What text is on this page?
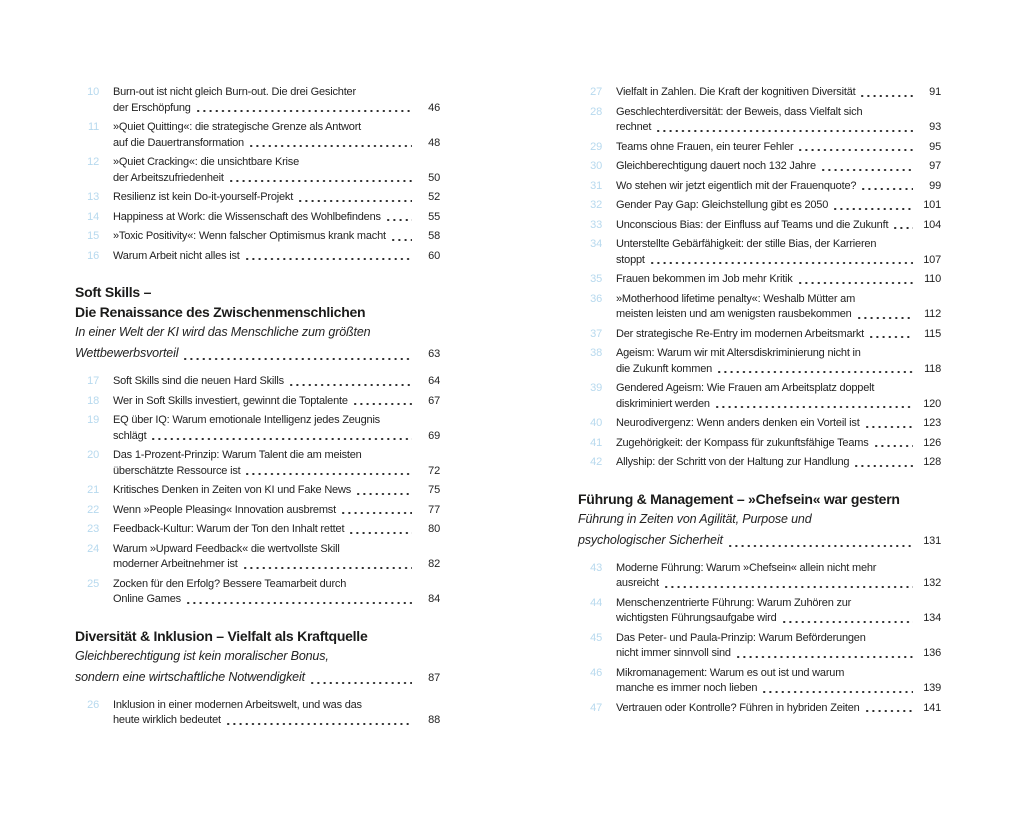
10 Burn-out ist nicht gleich Burn-out. Die drei Gesichter
der Erschöpfung	46
11 »Quiet Quitting«: die strategische Grenze als Antwort
auf die Dauertransformation	48
12 »Quiet Cracking«: die unsichtbare Krise
der Arbeitszufriedenheit	50
13 Resilienz ist kein Do-it-yourself-Projekt	52
14 Happiness at Work: die Wissenschaft des Wohlbefindens	55
15 »Toxic Positivity«: Wenn falscher Optimismus krank macht	58
16 Warum Arbeit nicht alles ist	60
Soft Skills –
Die Renaissance des Zwischenmenschlichen
In einer Welt der KI wird das Menschliche zum größten
Wettbewerbsvorteil	63
17 Soft Skills sind die neuen Hard Skills	64
18 Wer in Soft Skills investiert, gewinnt die Toptalente	67
19 EQ über IQ: Warum emotionale Intelligenz jedes Zeugnis
schlägt	69
20 Das 1-Prozent-Prinzip: Warum Talent die am meisten
überschätzte Ressource ist	72
21 Kritisches Denken in Zeiten von KI und Fake News	75
22 Wenn »People Pleasing« Innovation ausbremst	77
23 Feedback-Kultur: Warum der Ton den Inhalt rettet	80
24 Warum »Upward Feedback« die wertvollste Skill
moderner Arbeitnehmer ist	82
25 Zocken für den Erfolg? Bessere Teamarbeit durch
Online Games	84
Diversität & Inklusion – Vielfalt als Kraftquelle
Gleichberechtigung ist kein moralischer Bonus,
sondern eine wirtschaftliche Notwendigkeit	87
26 Inklusion in einer modernen Arbeitswelt, und was das
heute wirklich bedeutet	88
27 Vielfalt in Zahlen. Die Kraft der kognitiven Diversität	91
28 Geschlechterdiversität: der Beweis, dass Vielfalt sich
rechnet	93
29 Teams ohne Frauen, ein teurer Fehler	95
30 Gleichberechtigung dauert noch 132 Jahre	97
31 Wo stehen wir jetzt eigentlich mit der Frauenquote?	99
32 Gender Pay Gap: Gleichstellung gibt es 2050	101
33 Unconscious Bias: der Einfluss auf Teams und die Zukunft	104
34 Unterstellte Gebärfähigkeit: der stille Bias, der Karrieren
stoppt	107
35 Frauen bekommen im Job mehr Kritik	110
36 »Motherhood lifetime penalty«: Weshalb Mütter am
meisten leisten und am wenigsten rausbekommen	112
37 Der strategische Re-Entry im modernen Arbeitsmarkt	115
38 Ageism: Warum wir mit Altersdiskriminierung nicht in
die Zukunft kommen	118
39 Gendered Ageism: Wie Frauen am Arbeitsplatz doppelt
diskriminiert werden	120
40 Neurodivergenz: Wenn anders denken ein Vorteil ist	123
41 Zugehörigkeit: der Kompass für zukunftsfähige Teams	126
42 Allyship: der Schritt von der Haltung zur Handlung	128
Führung & Management – »Chefsein« war gestern
Führung in Zeiten von Agilität, Purpose und
psychologischer Sicherheit	131
43 Moderne Führung: Warum »Chefsein« allein nicht mehr
ausreicht	132
44 Menschenzentrierte Führung: Warum Zuhören zur
wichtigsten Führungsaufgabe wird	134
45 Das Peter- und Paula-Prinzip: Warum Beförderungen
nicht immer sinnvoll sind	136
46 Mikromanagement: Warum es out ist und warum
manche es immer noch lieben	139
47 Vertrauen oder Kontrolle? Führen in hybriden Zeiten	141
